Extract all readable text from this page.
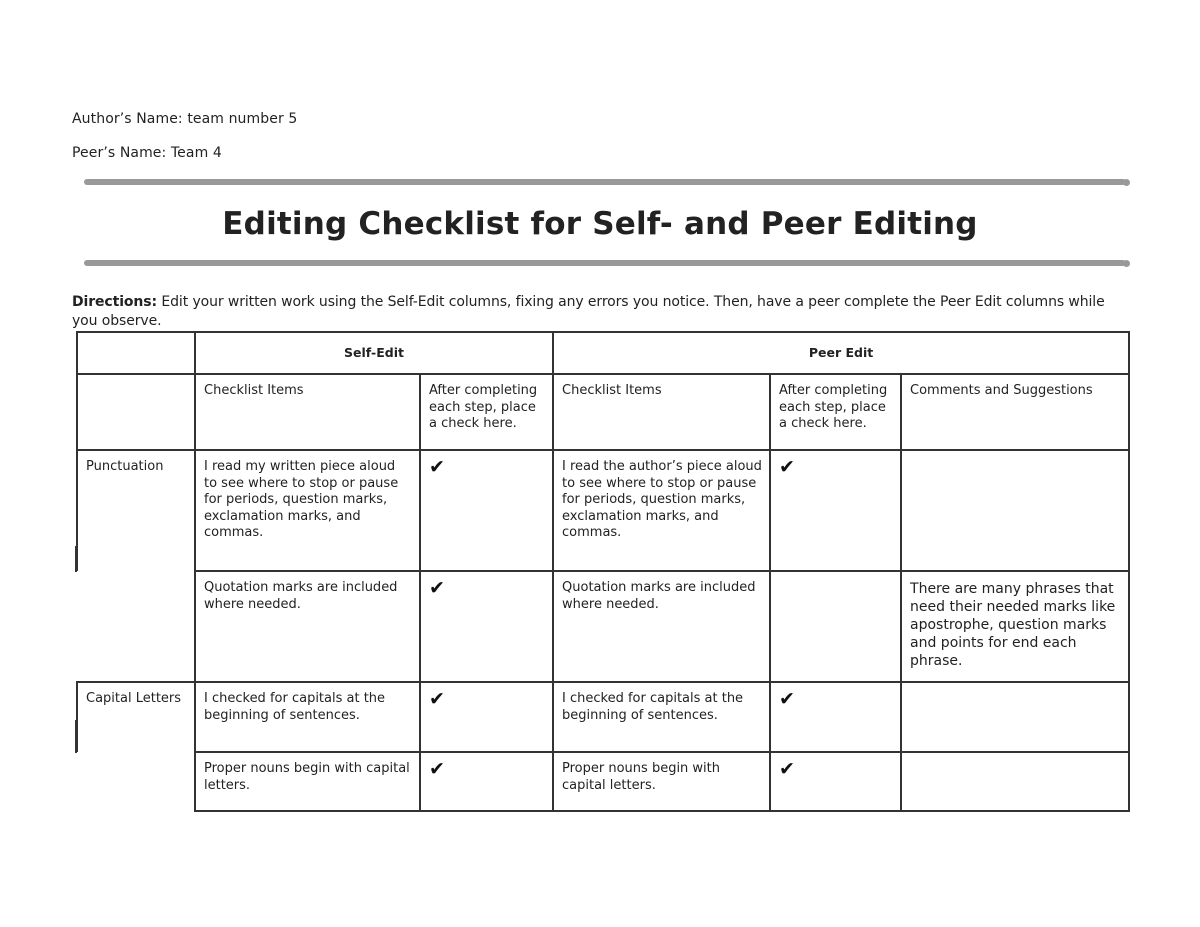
Author’s Name: team number 5
Peer’s Name: Team 4
Editing Checklist for Self- and Peer Editing
Directions: Edit your written work using the Self-Edit columns, fixing any errors you notice. Then, have a peer complete the Peer Edit columns while you observe.
	Self-Edit		Peer Edit		
	Checklist Items	After completing each step, place a check here.	Checklist Items	After completing each step, place a check here.	Comments and Suggestions
Punctuation	I read my written piece aloud to see where to stop or pause for periods, question marks, exclamation marks, and commas.	✔	I read the author’s piece aloud to see where to stop or pause for periods, question marks, exclamation marks, and commas.	✔	
	Quotation marks are included where needed.	✔	Quotation marks are included where needed.		There are many phrases that need their needed marks like apostrophe, question marks and points for end each phrase.
Capital Letters	I checked for capitals at the beginning of sentences.	✔	I checked for capitals at the beginning of sentences.	✔	
	Proper nouns begin with capital letters.	✔	Proper nouns begin with capital letters.	✔	
